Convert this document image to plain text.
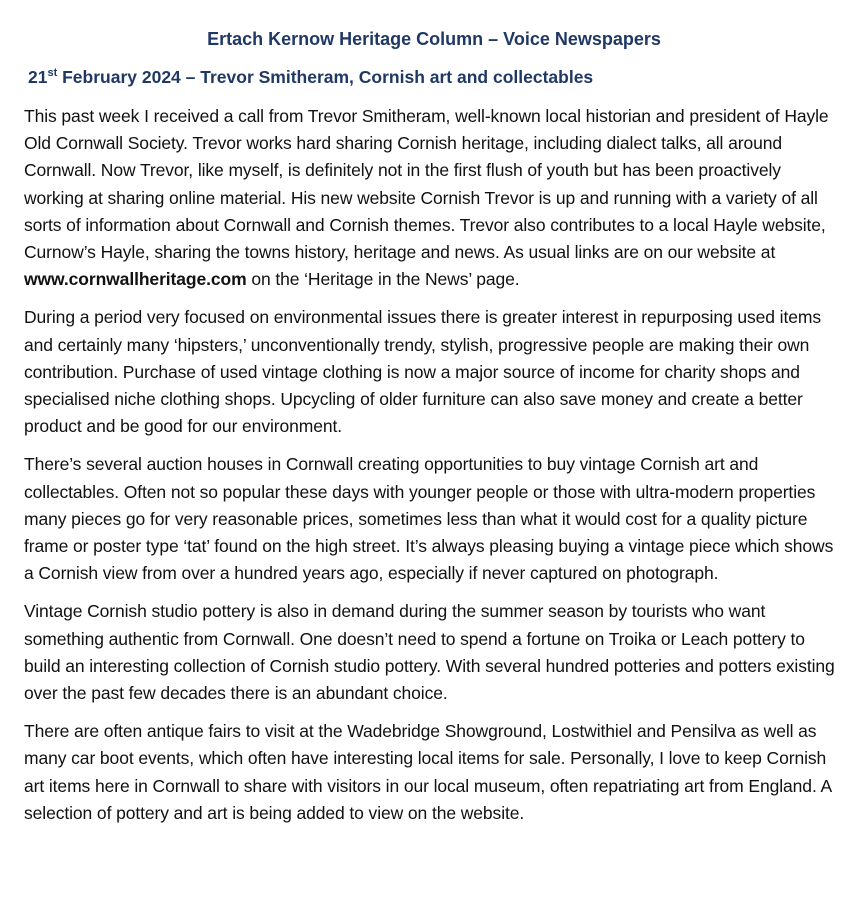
Ertach Kernow Heritage Column – Voice Newspapers
21st February 2024 – Trevor Smitheram, Cornish art and collectables

This past week I received a call from Trevor Smitheram, well-known local historian and president of Hayle Old Cornwall Society. Trevor works hard sharing Cornish heritage, including dialect talks, all around Cornwall. Now Trevor, like myself, is definitely not in the first flush of youth but has been proactively working at sharing online material. His new website Cornish Trevor is up and running with a variety of all sorts of information about Cornwall and Cornish themes. Trevor also contributes to a local Hayle website, Curnow’s Hayle, sharing the towns history, heritage and news. As usual links are on our website at www.cornwallheritage.com on the ‘Heritage in the News’ page.

During a period very focused on environmental issues there is greater interest in repurposing used items and certainly many ‘hipsters,’ unconventionally trendy, stylish, progressive people are making their own contribution. Purchase of used vintage clothing is now a major source of income for charity shops and specialised niche clothing shops. Upcycling of older furniture can also save money and create a better product and be good for our environment.

There’s several auction houses in Cornwall creating opportunities to buy vintage Cornish art and collectables. Often not so popular these days with younger people or those with ultra-modern properties many pieces go for very reasonable prices, sometimes less than what it would cost for a quality picture frame or poster type ‘tat’ found on the high street. It’s always pleasing buying a vintage piece which shows a Cornish view from over a hundred years ago, especially if never captured on photograph.

Vintage Cornish studio pottery is also in demand during the summer season by tourists who want something authentic from Cornwall. One doesn’t need to spend a fortune on Troika or Leach pottery to build an interesting collection of Cornish studio pottery. With several hundred potteries and potters existing over the past few decades there is an abundant choice.

There are often antique fairs to visit at the Wadebridge Showground, Lostwithiel and Pensilva as well as many car boot events, which often have interesting local items for sale. Personally, I love to keep Cornish art items here in Cornwall to share with visitors in our local museum, often repatriating art from England. A selection of pottery and art is being added to view on the website.
